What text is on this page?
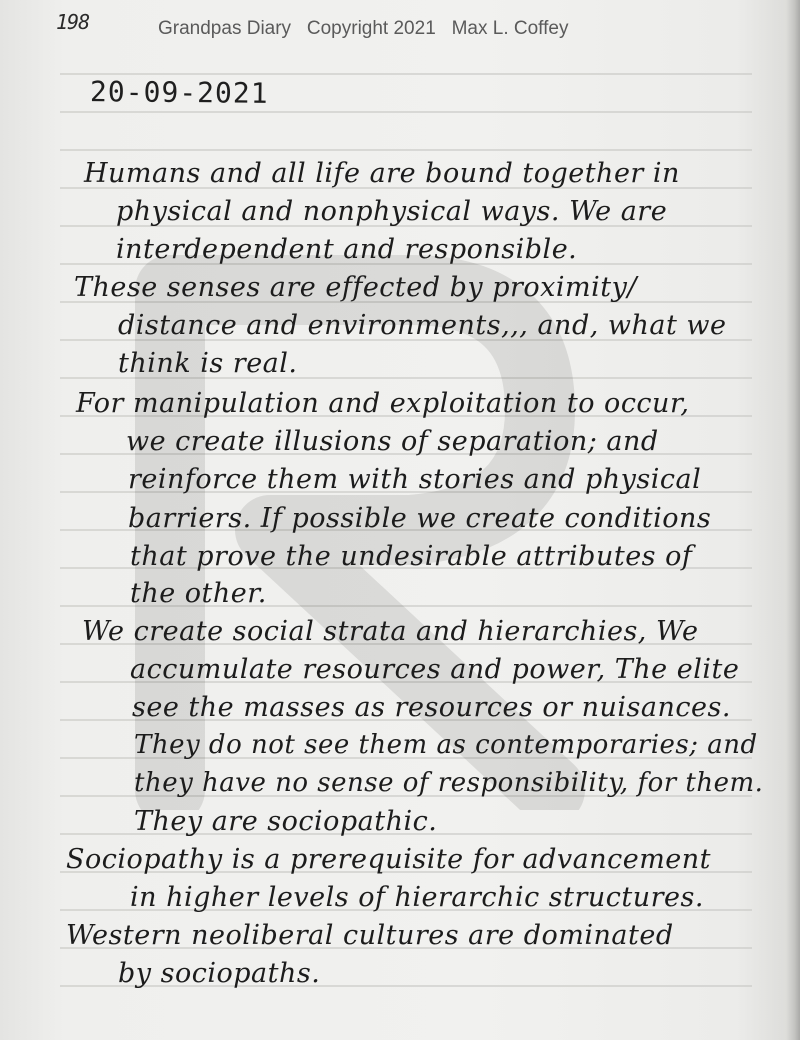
198	Grandpas Diary   Copyright 2021   Max L. Coffey
20-09-2021
Humans and all life are bound together in
physical and nonphysical ways. We are
interdependent and responsible.
These senses are effected by proximity/
distance and environments,,, and, what we
think is real.
For manipulation and exploitation to occur,
we create illusions of separation; and
reinforce them with stories and physical
barriers. If possible we create conditions
that prove the undesirable attributes of
the other.
We create social strata and hierarchies, We
accumulate resources and power, The elite
see the masses as resources or nuisances.
They do not see them as contemporaries; and
they have no sense of responsibility, for them.
They are sociopathic.
Sociopathy is a prerequisite for advancement
in higher levels of hierarchic structures.
Western neoliberal cultures are dominated
by sociopaths.
